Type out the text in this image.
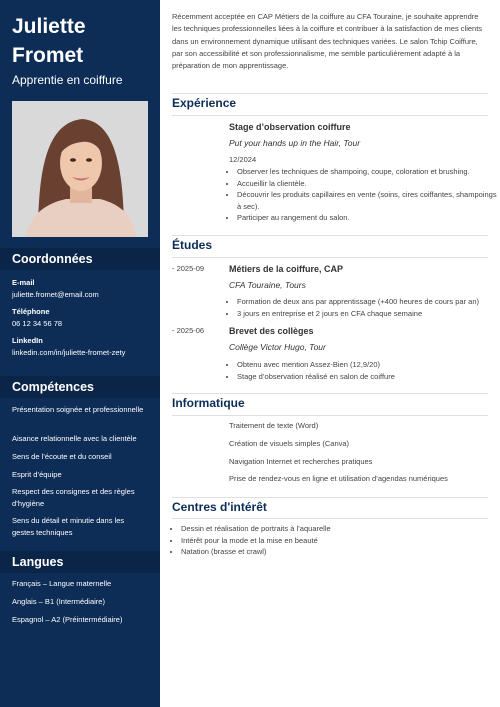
Juliette
Fromet
Apprentie en coiffure
Coordonnées
E-mail
juliette.fromet@email.com
Téléphone
06 12 34 56 78
LinkedIn
linkedin.com/in/juliette-fromet-zety
Compétences
Présentation soignée et professionnelle
Aisance relationnelle avec la clientèle
Sens de l’écoute et du conseil
Esprit d’équipe
Respect des consignes et des règles d’hygiène
Sens du détail et minutie dans les gestes techniques
Langues
Français – Langue maternelle
Anglais – B1 (Intermédiaire)
Espagnol – A2 (Préintermédiaire)

Récemment acceptée en CAP Métiers de la coiffure au CFA Touraine, je souhaite apprendre les techniques professionnelles liées à la coiffure et contribuer à la satisfaction de mes clients dans un environnement dynamique utilisant des techniques variées. Le salon Tchip Coiffure, par son accessibilité et son professionnalisme, me semble particulièrement adapté à la préparation de mon apprentissage.

Expérience
Stage d’observation coiffure
Put your hands up in the Hair, Tour
12/2024
• Observer les techniques de shampoing, coupe, coloration et brushing.
• Accueillir la clientèle.
• Découvrir les produits capillaires en vente (soins, cires coiffantes, shampoings à sec).
• Participer au rangement du salon.
Études
- 2025-09	Métiers de la coiffure, CAP
CFA Touraine, Tours
• Formation de deux ans par apprentissage (+400 heures de cours par an)
• 3 jours en entreprise et 2 jours en CFA chaque semaine
- 2025-06	Brevet des collèges
Collège Victor Hugo, Tour
• Obtenu avec mention Assez-Bien (12,9/20)
• Stage d’observation réalisé en salon de coiffure
Informatique
Traitement de texte (Word)
Création de visuels simples (Canva)
Navigation Internet et recherches pratiques
Prise de rendez-vous en ligne et utilisation d’agendas numériques
Centres d'intérêt
• Dessin et réalisation de portraits à l’aquarelle
• Intérêt pour la mode et la mise en beauté
• Natation (brasse et crawl)
